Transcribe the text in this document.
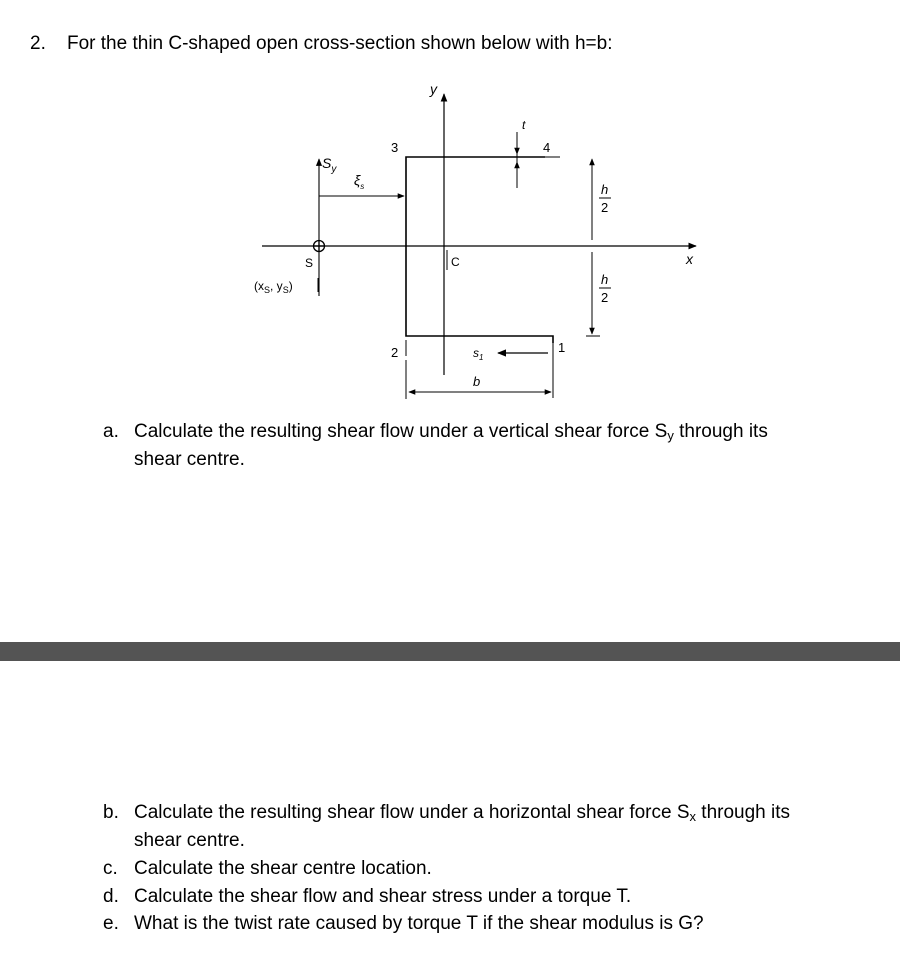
2. For the thin C-shaped open cross-section shown below with h=b:
y
x
3	4
2	1
t
h
2
h
2
C
S
($x_S$, $y_S$)
$S_y$
$\xi_s$
$s_1$
b
a. Calculate the resulting shear flow under a vertical shear force $S_y$ through its
shear centre.
b. Calculate the resulting shear flow under a horizontal shear force $S_x$ through its
shear centre.
c. Calculate the shear centre location.
d. Calculate the shear flow and shear stress under a torque T.
e. What is the twist rate caused by torque T if the shear modulus is G?
